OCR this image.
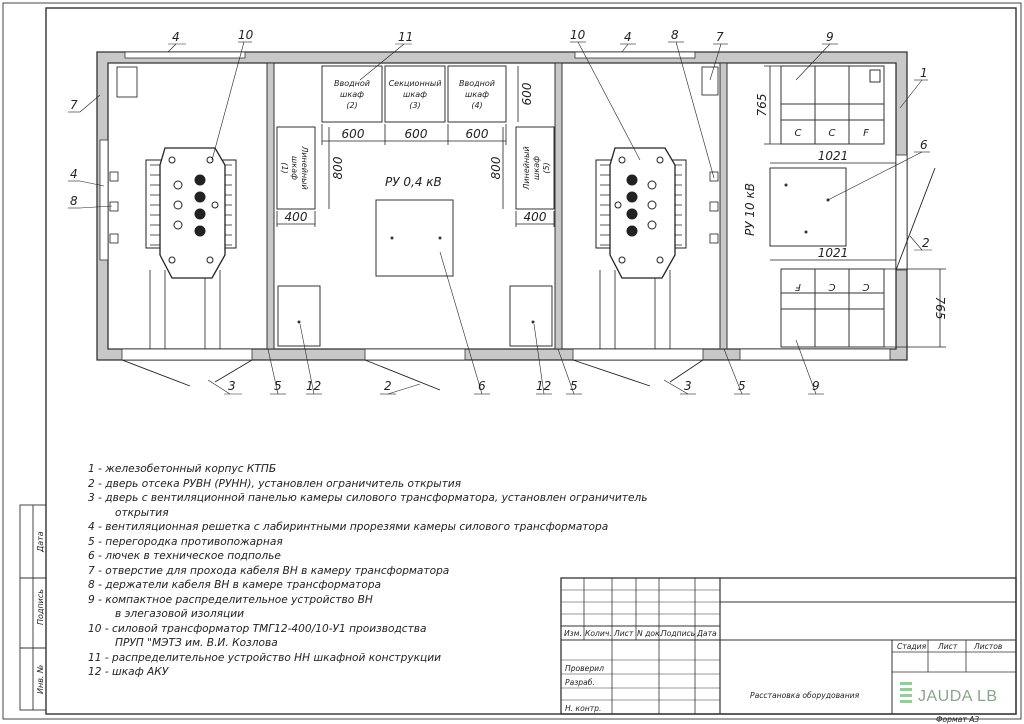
Дата
Подпись
Инв. №
Вводной
шкаф
(2)
Секционный
шкаф
(3)
Вводной
шкаф
(4)
Линейный
шкаф
(1)	Линейный шкаф (5)
РУ 0,4 кВ
600	600	600
600
800	800
400	400
C	C	F
F	C	C
РУ 10 кВ
765
765
1021
1021
4	10	11	10	4	8	7	9
7
4
8
1
6
2
3	5 12	2	6	12 5	3	5	9
Изм. Колич. Лист N док. Подпись Дата
Проверил
Разраб.
Н. контр.
Стадия Лист Листов
Расстановка оборудования
Формат А3
JAUDA LB
1 - железобетонный корпус КТПБ
2 - дверь отсека РУВН (РУНН), установлен ограничитель открытия
3 - дверь с вентиляционной панелью камеры силового трансформатора, установлен ограничитель
открытия
4 - вентиляционная решетка с лабиринтными прорезями камеры силового трансформатора
5 - перегородка противопожарная
6 - лючек в техническое подполье
7 - отверстие для прохода кабеля ВН в камеру трансформатора
8 - держатели кабеля ВН в камере трансформатора
9 - компактное распределительное устройство ВН
в элегазовой изоляции
10 - силовой трансформатор ТМГ12-400/10-У1 производства
ПРУП "МЭТЗ им. В.И. Козлова
11 - распределительное устройство НН шкафной конструкции
12 - шкаф АКУ
